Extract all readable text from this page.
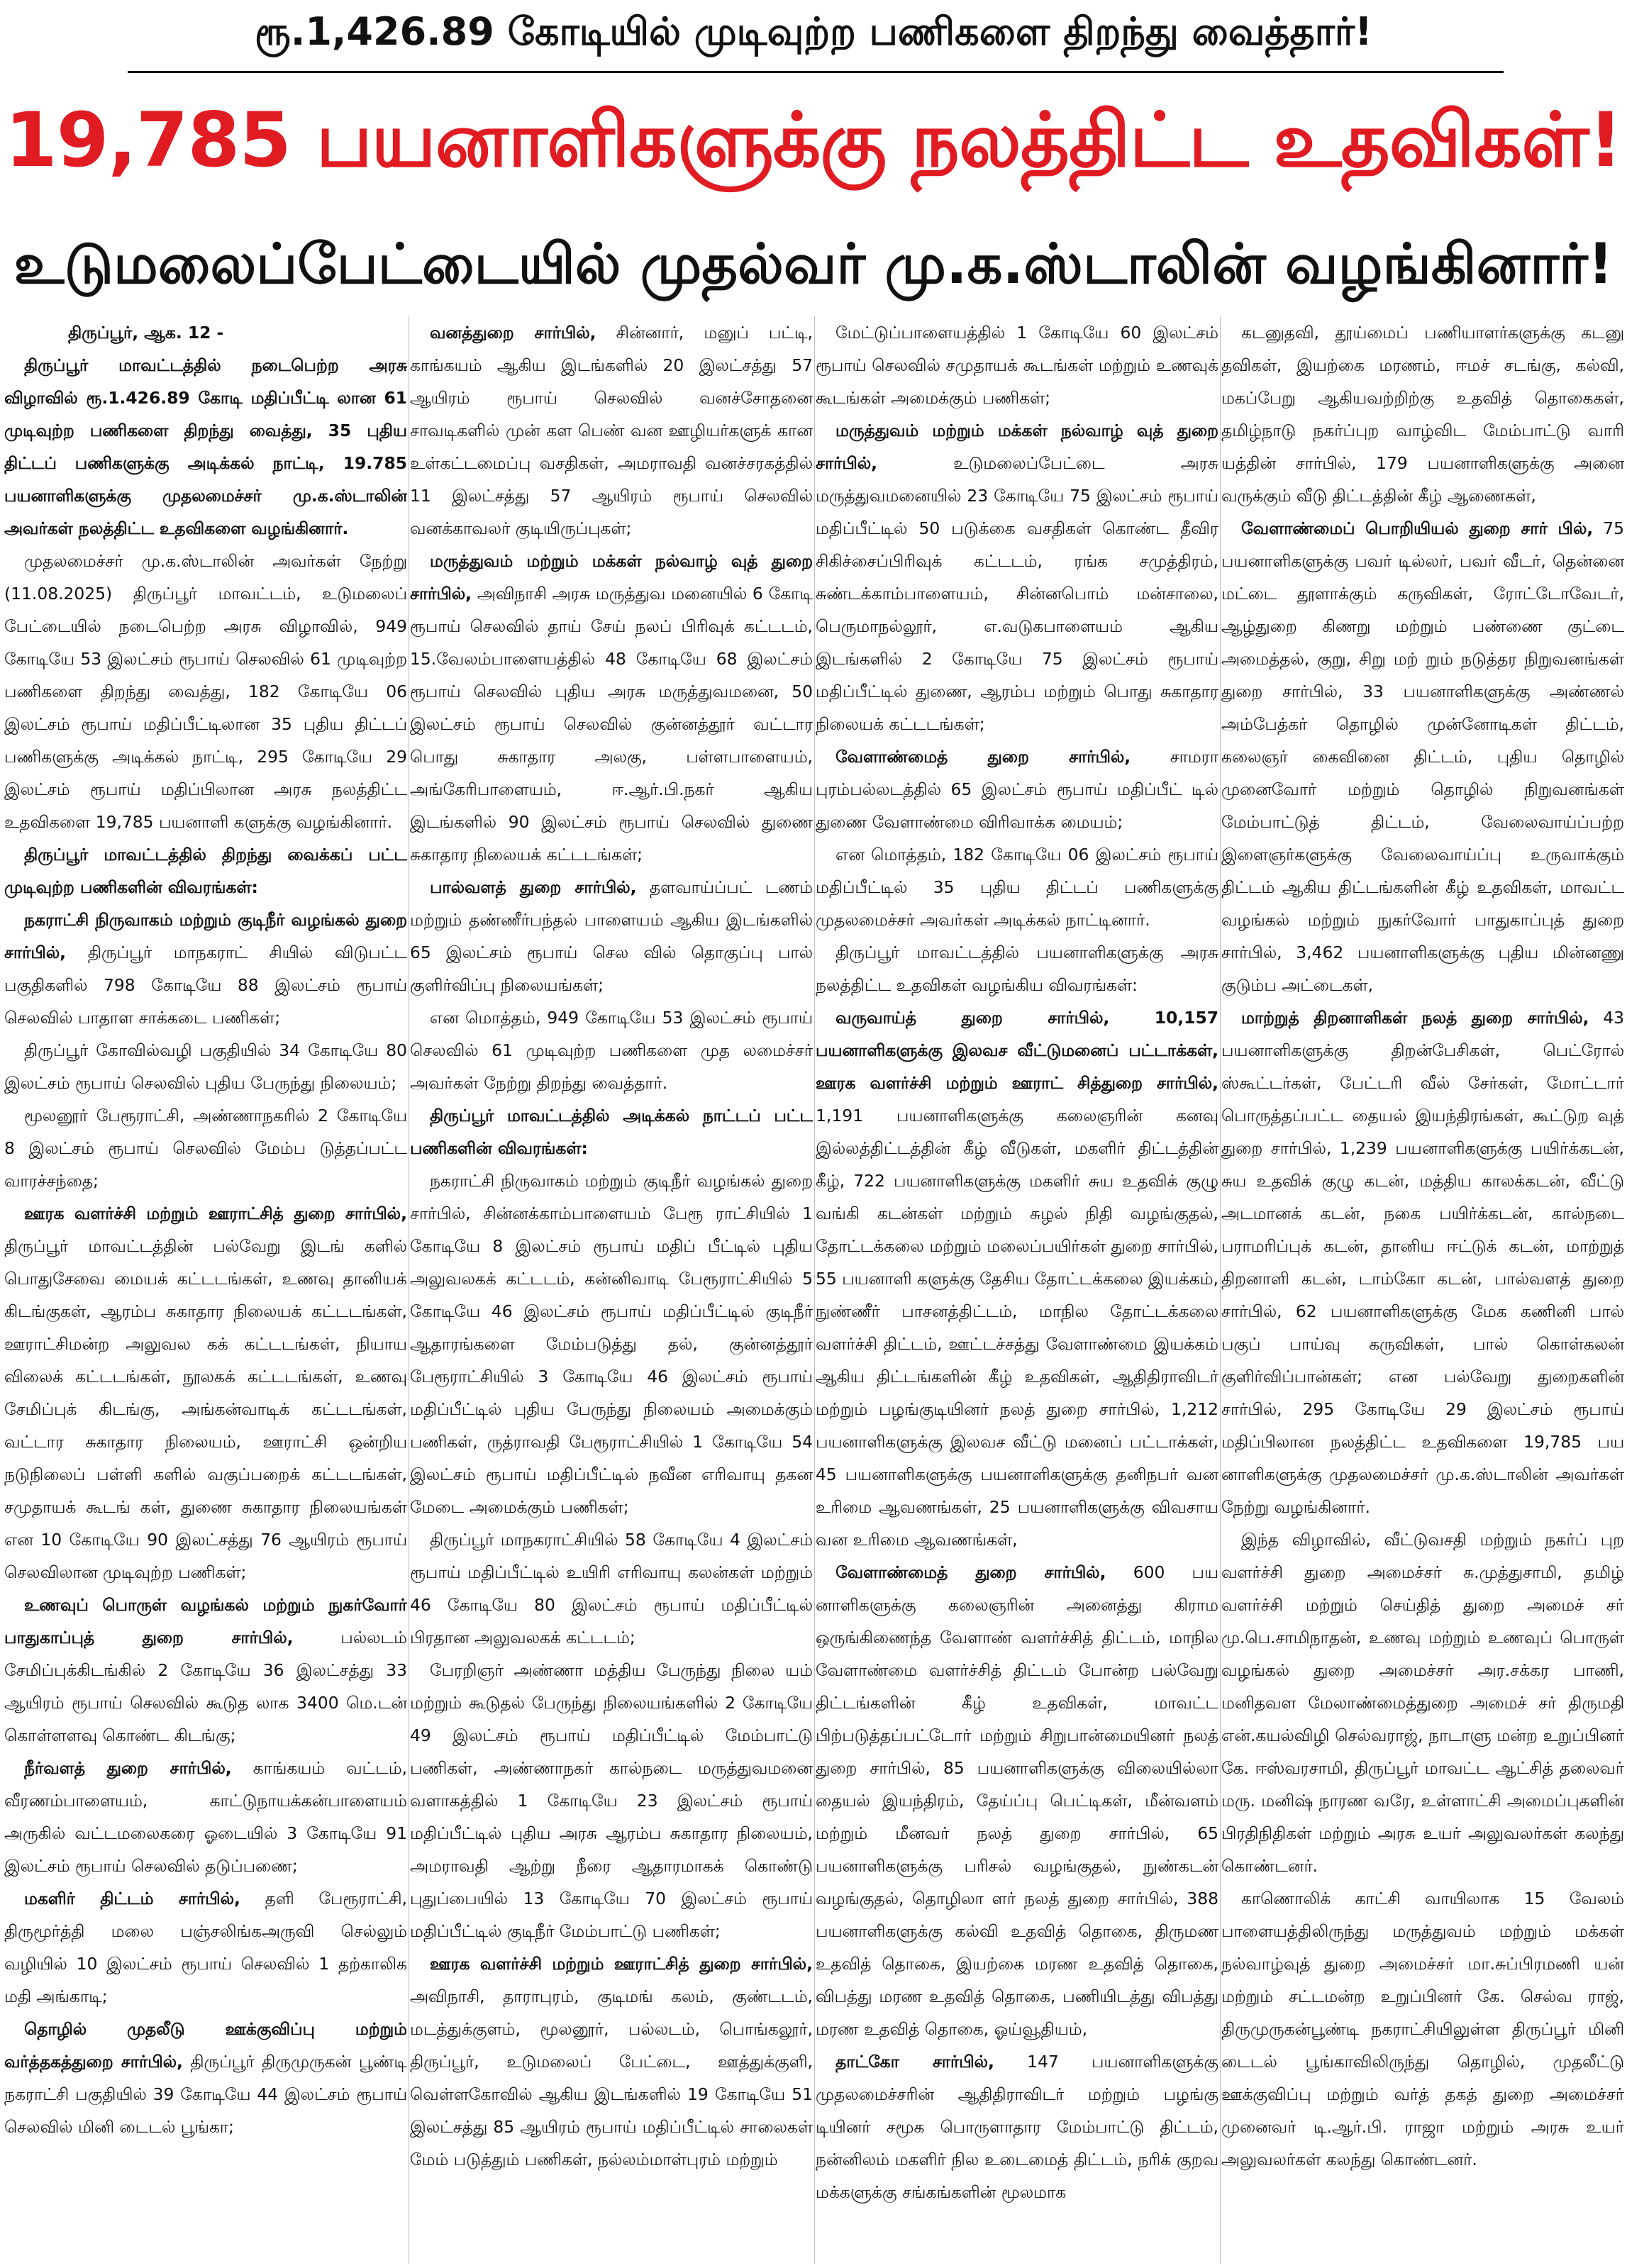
ரூ.1,426.89 கோடியில் முடிவுற்ற பணிகளை திறந்து வைத்தார்!
19,785 பயனாளிகளுக்கு நலத்திட்ட உதவிகள்!
உடுமலைப்பேட்டையில் முதல்வர் மு.க.ஸ்டாலின் வழங்கினார்!

திருப்பூர், ஆக. 12 -

திருப்பூர் மாவட்டத்தில் நடைபெற்ற அரசு விழாவில் ரூ.1.426.89 கோடி மதிப்பீட்டி லான 61 முடிவுற்ற பணிகளை திறந்து வைத்து, 35 புதிய திட்டப் பணிகளுக்கு அடிக்கல் நாட்டி, 19.785 பயனாளிகளுக்கு முதலமைச்சர் மு.க.ஸ்டாலின் அவர்கள் நலத்திட்ட உதவிகளை வழங்கினார்.

முதலமைச்சர் மு.க.ஸ்டாலின் அவர்கள் நேற்று (11.08.2025) திருப்பூர் மாவட்டம், உடுமலைப் பேட்டையில் நடைபெற்ற அரசு விழாவில், 949 கோடியே 53 இலட்சம் ரூபாய் செலவில் 61 முடிவுற்ற பணிகளை திறந்து வைத்து, 182 கோடியே 06 இலட்சம் ரூபாய் மதிப்பீட்டிலான 35 புதிய திட்டப் பணிகளுக்கு அடிக்கல் நாட்டி, 295 கோடியே 29 இலட்சம் ரூபாய் மதிப்பிலான அரசு நலத்திட்ட உதவிகளை 19,785 பயனாளி களுக்கு வழங்கினார்.

திருப்பூர் மாவட்டத்தில் திறந்து வைக்கப் பட்ட முடிவுற்ற பணிகளின் விவரங்கள்:

நகராட்சி நிருவாகம் மற்றும் குடிநீர் வழங்கல் துறை சார்பில், திருப்பூர் மாநகராட் சியில் விடுபட்ட பகுதிகளில் 798 கோடியே 88 இலட்சம் ரூபாய் செலவில் பாதாள சாக்கடை பணிகள்;

திருப்பூர் கோவில்வழி பகுதியில் 34 கோடியே 80 இலட்சம் ரூபாய் செலவில் புதிய பேருந்து நிலையம்;

மூலனூர் பேரூராட்சி, அண்ணாநகரில் 2 கோடியே 8 இலட்சம் ரூபாய் செலவில் மேம்ப டுத்தப்பட்ட வாரச்சந்தை;

ஊரக வளர்ச்சி மற்றும் ஊராட்சித் துறை சார்பில், திருப்பூர் மாவட்டத்தின் பல்வேறு இடங் களில் பொதுசேவை மையக் கட்டடங்கள், உணவு தானியக் கிடங்குகள், ஆரம்ப சுகாதார நிலையக் கட்டடங்கள், ஊராட்சிமன்ற அலுவல கக் கட்டடங்கள், நியாய விலைக் கட்டடங்கள், நூலகக் கட்டடங்கள், உணவு சேமிப்புக் கிடங்கு, அங்கன்வாடிக் கட்டடங்கள், வட்டார சுகாதார நிலையம், ஊராட்சி ஒன்றிய நடுநிலைப் பள்ளி களில் வகுப்பறைக் கட்டடங்கள், சமுதாயக் கூடங் கள், துணை சுகாதார நிலையங்கள் என 10 கோடியே 90 இலட்சத்து 76 ஆயிரம் ரூபாய் செலவிலான முடிவுற்ற பணிகள்;

உணவுப் பொருள் வழங்கல் மற்றும் நுகர்வோர் பாதுகாப்புத் துறை சார்பில், பல்லடம் சேமிப்புக்கிடங்கில் 2 கோடியே 36 இலட்சத்து 33 ஆயிரம் ரூபாய் செலவில் கூடுத லாக 3400 மெ.டன் கொள்ளளவு கொண்ட கிடங்கு;

நீர்வளத் துறை சார்பில், காங்கயம் வட்டம், வீரணம்பாளையம், காட்டுநாயக்கன்பாளையம் அருகில் வட்டமலைகரை ஓடையில் 3 கோடியே 91 இலட்சம் ரூபாய் செலவில் தடுப்பணை;

மகளிர் திட்டம் சார்பில், தளி பேரூராட்சி, திருமூர்த்தி மலை பஞ்சலிங்கஅருவி செல்லும் வழியில் 10 இலட்சம் ரூபாய் செலவில் 1 தற்காலிக மதி அங்காடி;

தொழில் முதலீடு ஊக்குவிப்பு மற்றும் வர்த்தகத்துறை சார்பில், திருப்பூர் திருமுருகன் பூண்டி நகராட்சி பகுதியில் 39 கோடியே 44 இலட்சம் ரூபாய் செலவில் மினி டைடல் பூங்கா;

வனத்துறை சார்பில், சின்னார், மனுப் பட்டி, காங்கயம் ஆகிய இடங்களில் 20 இலட்சத்து 57 ஆயிரம் ரூபாய் செலவில் வனச்சோதனை சாவடிகளில் முன் கள பெண் வன ஊழியர்களுக் கான உள்கட்டமைப்பு வசதிகள், அமராவதி வனச்சரகத்தில் 11 இலட்சத்து 57 ஆயிரம் ரூபாய் செலவில் வனக்காவலர் குடியிருப்புகள்;

மருத்துவம் மற்றும் மக்கள் நல்வாழ் வுத் துறை சார்பில், அவிநாசி அரசு மருத்துவ மனையில் 6 கோடி ரூபாய் செலவில் தாய் சேய் நலப் பிரிவுக் கட்டடம், 15.வேலம்பாளையத்தில் 48 கோடியே 68 இலட்சம் ரூபாய் செலவில் புதிய அரசு மருத்துவமனை, 50 இலட்சம் ரூபாய் செலவில் குன்னத்தூர் வட்டார பொது சுகாதார அலகு, பள்ளபாளையம், அங்கேரிபாளையம், ஈ.ஆர்.பி.நகர் ஆகிய இடங்களில் 90 இலட்சம் ரூபாய் செலவில் துணை சுகாதார நிலையக் கட்டடங்கள்;

பால்வளத் துறை சார்பில், தளவாய்ப்பட் டணம் மற்றும் தண்ணீர்பந்தல் பாளையம் ஆகிய இடங்களில் 65 இலட்சம் ரூபாய் செல வில் தொகுப்பு பால் குளிர்விப்பு நிலையங்கள்;

என மொத்தம், 949 கோடியே 53 இலட்சம் ரூபாய் செலவில் 61 முடிவுற்ற பணிகளை முத லமைச்சர் அவர்கள் நேற்று திறந்து வைத்தார்.

திருப்பூர் மாவட்டத்தில் அடிக்கல் நாட்டப் பட்ட பணிகளின் விவரங்கள்:

நகராட்சி நிருவாகம் மற்றும் குடிநீர் வழங்கல் துறை சார்பில், சின்னக்காம்பாளையம் பேரூ ராட்சியில் 1 கோடியே 8 இலட்சம் ரூபாய் மதிப் பீட்டில் புதிய அலுவலகக் கட்டடம், கன்னிவாடி பேரூராட்சியில் 5 கோடியே 46 இலட்சம் ரூபாய் மதிப்பீட்டில் குடிநீர் ஆதாரங்களை மேம்படுத்து தல், குன்னத்தூர் பேரூராட்சியில் 3 கோடியே 46 இலட்சம் ரூபாய் மதிப்பீட்டில் புதிய பேருந்து நிலையம் அமைக்கும் பணிகள், ருத்ராவதி பேரூராட்சியில் 1 கோடியே 54 இலட்சம் ரூபாய் மதிப்பீட்டில் நவீன எரிவாயு தகன மேடை அமைக்கும் பணிகள்;

திருப்பூர் மாநகராட்சியில் 58 கோடியே 4 இலட்சம் ரூபாய் மதிப்பீட்டில் உயிரி எரிவாயு கலன்கள் மற்றும் 46 கோடியே 80 இலட்சம் ரூபாய் மதிப்பீட்டில் பிரதான அலுவலகக் கட்டடம்;

பேரறிஞர் அண்ணா மத்திய பேருந்து நிலை யம் மற்றும் கூடுதல் பேருந்து நிலையங்களில் 2 கோடியே 49 இலட்சம் ரூபாய் மதிப்பீட்டில் மேம்பாட்டு பணிகள், அண்ணாநகர் கால்நடை மருத்துவமனை வளாகத்தில் 1 கோடியே 23 இலட்சம் ரூபாய் மதிப்பீட்டில் புதிய அரசு ஆரம்ப சுகாதார நிலையம், அமராவதி ஆற்று நீரை ஆதாரமாகக் கொண்டு புதுப்பையில் 13 கோடியே 70 இலட்சம் ரூபாய் மதிப்பீட்டில் குடிநீர் மேம்பாட்டு பணிகள்;

ஊரக வளர்ச்சி மற்றும் ஊராட்சித் துறை சார்பில், அவிநாசி, தாராபுரம், குடிமங் கலம், குண்டடம், மடத்துக்குளம், மூலனூர், பல்லடம், பொங்கலூர், திருப்பூர், உடுமலைப் பேட்டை, ஊத்துக்குளி, வெள்ளகோவில் ஆகிய இடங்களில் 19 கோடியே 51 இலட்சத்து 85 ஆயிரம் ரூபாய் மதிப்பீட்டில் சாலைகள் மேம் படுத்தும் பணிகள், நல்லம்மாள்புரம் மற்றும்

மேட்டுப்பாளையத்தில் 1 கோடியே 60 இலட்சம் ரூபாய் செலவில் சமுதாயக் கூடங்கள் மற்றும் உணவுக் கூடங்கள் அமைக்கும் பணிகள்;

மருத்துவம் மற்றும் மக்கள் நல்வாழ் வுத் துறை சார்பில், உடுமலைப்பேட்டை அரசு மருத்துவமனையில் 23 கோடியே 75 இலட்சம் ரூபாய் மதிப்பீட்டில் 50 படுக்கை வசதிகள் கொண்ட தீவிர சிகிச்சைப்பிரிவுக் கட்டடம், ரங்க சமுத்திரம், சுண்டக்காம்பாளையம், சின்னபொம் மன்சாலை, பெருமாநல்லூர், எ.வடுகபாளையம் ஆகிய இடங்களில் 2 கோடியே 75 இலட்சம் ரூபாய் மதிப்பீட்டில் துணை, ஆரம்ப மற்றும் பொது சுகாதார நிலையக் கட்டடங்கள்;

வேளாண்மைத் துறை சார்பில், சாமரா புரம்பல்லடத்தில் 65 இலட்சம் ரூபாய் மதிப்பீட் டில் துணை வேளாண்மை விரிவாக்க மையம்;

என மொத்தம், 182 கோடியே 06 இலட்சம் ரூபாய் மதிப்பீட்டில் 35 புதிய திட்டப் பணிகளுக்கு முதலமைச்சர் அவர்கள் அடிக்கல் நாட்டினார்.

திருப்பூர் மாவட்டத்தில் பயனாளிகளுக்கு அரசு நலத்திட்ட உதவிகள் வழங்கிய விவரங்கள்:

வருவாய்த் துறை சார்பில், 10,157 பயனாளிகளுக்கு இலவச வீட்டுமனைப் பட்டாக்கள், ஊரக வளர்ச்சி மற்றும் ஊராட் சித்துறை சார்பில், 1,191 பயனாளிகளுக்கு கலைஞரின் கனவு இல்லத்திட்டத்தின் கீழ் வீடுகள், மகளிர் திட்டத்தின் கீழ், 722 பயனாளிகளுக்கு மகளிர் சுய உதவிக் குழு வங்கி கடன்கள் மற்றும் சுழல் நிதி வழங்குதல், தோட்டக்கலை மற்றும் மலைப்பயிர்கள் துறை சார்பில், 55 பயனாளி களுக்கு தேசிய தோட்டக்கலை இயக்கம், நுண்ணீர் பாசனத்திட்டம், மாநில தோட்டக்கலை வளர்ச்சி திட்டம், ஊட்டச்சத்து வேளாண்மை இயக்கம் ஆகிய திட்டங்களின் கீழ் உதவிகள், ஆதிதிராவிடர் மற்றும் பழங்குடியினர் நலத் துறை சார்பில், 1,212 பயனாளிகளுக்கு இலவச வீட்டு மனைப் பட்டாக்கள், 45 பயனாளிகளுக்கு பயனாளிகளுக்கு தனிநபர் வன உரிமை ஆவணங்கள், 25 பயனாளிகளுக்கு விவசாய வன உரிமை ஆவணங்கள்,

வேளாண்மைத் துறை சார்பில், 600 பய னாளிகளுக்கு கலைஞரின் அனைத்து கிராம ஒருங்கிணைந்த வேளாண் வளர்ச்சித் திட்டம், மாநில வேளாண்மை வளர்ச்சித் திட்டம் போன்ற பல்வேறு திட்டங்களின் கீழ் உதவிகள், மாவட்ட பிற்படுத்தப்பட்டோர் மற்றும் சிறுபான்மையினர் நலத் துறை சார்பில், 85 பயனாளிகளுக்கு விலையில்லா தையல் இயந்திரம், தேய்ப்பு பெட்டிகள், மீன்வளம் மற்றும் மீனவர் நலத் துறை சார்பில், 65 பயனாளிகளுக்கு பரிசல் வழங்குதல், நுண்கடன் வழங்குதல், தொழிலா ளர் நலத் துறை சார்பில், 388 பயனாளிகளுக்கு கல்வி உதவித் தொகை, திருமண உதவித் தொகை, இயற்கை மரண உதவித் தொகை, விபத்து மரண உதவித் தொகை, பணியிடத்து விபத்து மரண உதவித் தொகை, ஓய்வூதியம்,

தாட்கோ சார்பில், 147 பயனாளிகளுக்கு முதலமைச்சரின் ஆதிதிராவிடர் மற்றும் பழங்கு டியினர் சமூக பொருளாதார மேம்பாட்டு திட்டம், நன்னிலம் மகளிர் நில உடைமைத் திட்டம், நரிக் குறவ மக்களுக்கு சங்கங்களின் மூலமாக

கடனுதவி, தூய்மைப் பணியாளர்களுக்கு கடனு தவிகள், இயற்கை மரணம், ஈமச் சடங்கு, கல்வி, மகப்பேறு ஆகியவற்றிற்கு உதவித் தொகைகள், தமிழ்நாடு நகர்ப்புற வாழ்விட மேம்பாட்டு வாரி யத்தின் சார்பில், 179 பயனாளிகளுக்கு அனை வருக்கும் வீடு திட்டத்தின் கீழ் ஆணைகள்,

வேளாண்மைப் பொறியியல் துறை சார் பில், 75 பயனாளிகளுக்கு பவர் டில்லர், பவர் வீடர், தென்னை மட்டை தூளாக்கும் கருவிகள், ரோட்டோவேடர், ஆழ்துறை கிணறு மற்றும் பண்ணை குட்டை அமைத்தல், குறு, சிறு மற் றும் நடுத்தர நிறுவனங்கள் துறை சார்பில், 33 பயனாளிகளுக்கு அண்ணல் அம்பேத்கர் தொழில் முன்னோடிகள் திட்டம், கலைஞர் கைவினை திட்டம், புதிய தொழில் முனைவோர் மற்றும் தொழில் நிறுவனங்கள் மேம்பாட்டுத் திட்டம், வேலைவாய்ப்பற்ற இளைஞர்களுக்கு வேலைவாய்ப்பு உருவாக்கும் திட்டம் ஆகிய திட்டங்களின் கீழ் உதவிகள், மாவட்ட வழங்கல் மற்றும் நுகர்வோர் பாதுகாப்புத் துறை சார்பில், 3,462 பயனாளிகளுக்கு புதிய மின்னணு குடும்ப அட்டைகள்,

மாற்றுத் திறனாளிகள் நலத் துறை சார்பில், 43 பயனாளிகளுக்கு திறன்பேசிகள், பெட்ரோல் ஸ்கூட்டர்கள், பேட்டரி வீல் சேர்கள், மோட்டார் பொருத்தப்பட்ட தையல் இயந்திரங்கள், கூட்டுற வுத் துறை சார்பில், 1,239 பயனாளிகளுக்கு பயிர்க்கடன், சுய உதவிக் குழு கடன், மத்திய காலக்கடன், வீட்டு அடமானக் கடன், நகை பயிர்க்கடன், கால்நடை பராமரிப்புக் கடன், தானிய ஈட்டுக் கடன், மாற்றுத் திறனாளி கடன், டாம்கோ கடன், பால்வளத் துறை சார்பில், 62 பயனாளிகளுக்கு மேக கணினி பால் பகுப் பாய்வு கருவிகள், பால் கொள்கலன் குளிர்விப்பான்கள்; என பல்வேறு துறைகளின் சார்பில், 295 கோடியே 29 இலட்சம் ரூபாய் மதிப்பிலான நலத்திட்ட உதவிகளை 19,785 பய னாளிகளுக்கு முதலமைச்சர் மு.க.ஸ்டாலின் அவர்கள் நேற்று வழங்கினார்.

இந்த விழாவில், வீட்டுவசதி மற்றும் நகர்ப் புற வளர்ச்சி துறை அமைச்சர் சு.முத்துசாமி, தமிழ் வளர்ச்சி மற்றும் செய்தித் துறை அமைச் சர் மு.பெ.சாமிநாதன், உணவு மற்றும் உணவுப் பொருள் வழங்கல் துறை அமைச்சர் அர.சக்கர பாணி, மனிதவள மேலாண்மைத்துறை அமைச் சர் திருமதி என்.கயல்விழி செல்வராஜ், நாடாளு மன்ற உறுப்பினர் கே. ஈஸ்வரசாமி, திருப்பூர் மாவட்ட ஆட்சித் தலைவர் மரு. மனிஷ் நாரண வரே, உள்ளாட்சி அமைப்புகளின் பிரதிநிதிகள் மற்றும் அரசு உயர் அலுவலர்கள் கலந்து கொண்டனர்.

காணொலிக் காட்சி வாயிலாக 15 வேலம் பாளையத்திலிருந்து மருத்துவம் மற்றும் மக்கள் நல்வாழ்வுத் துறை அமைச்சர் மா.சுப்பிரமணி யன் மற்றும் சட்டமன்ற உறுப்பினர் கே. செல்வ ராஜ், திருமுருகன்பூண்டி நகராட்சியிலுள்ள திருப்பூர் மினி டைடல் பூங்காவிலிருந்து தொழில், முதலீட்டு ஊக்குவிப்பு மற்றும் வர்த் தகத் துறை அமைச்சர் முனைவர் டி.ஆர்.பி. ராஜா மற்றும் அரசு உயர் அலுவலர்கள் கலந்து கொண்டனர்.
